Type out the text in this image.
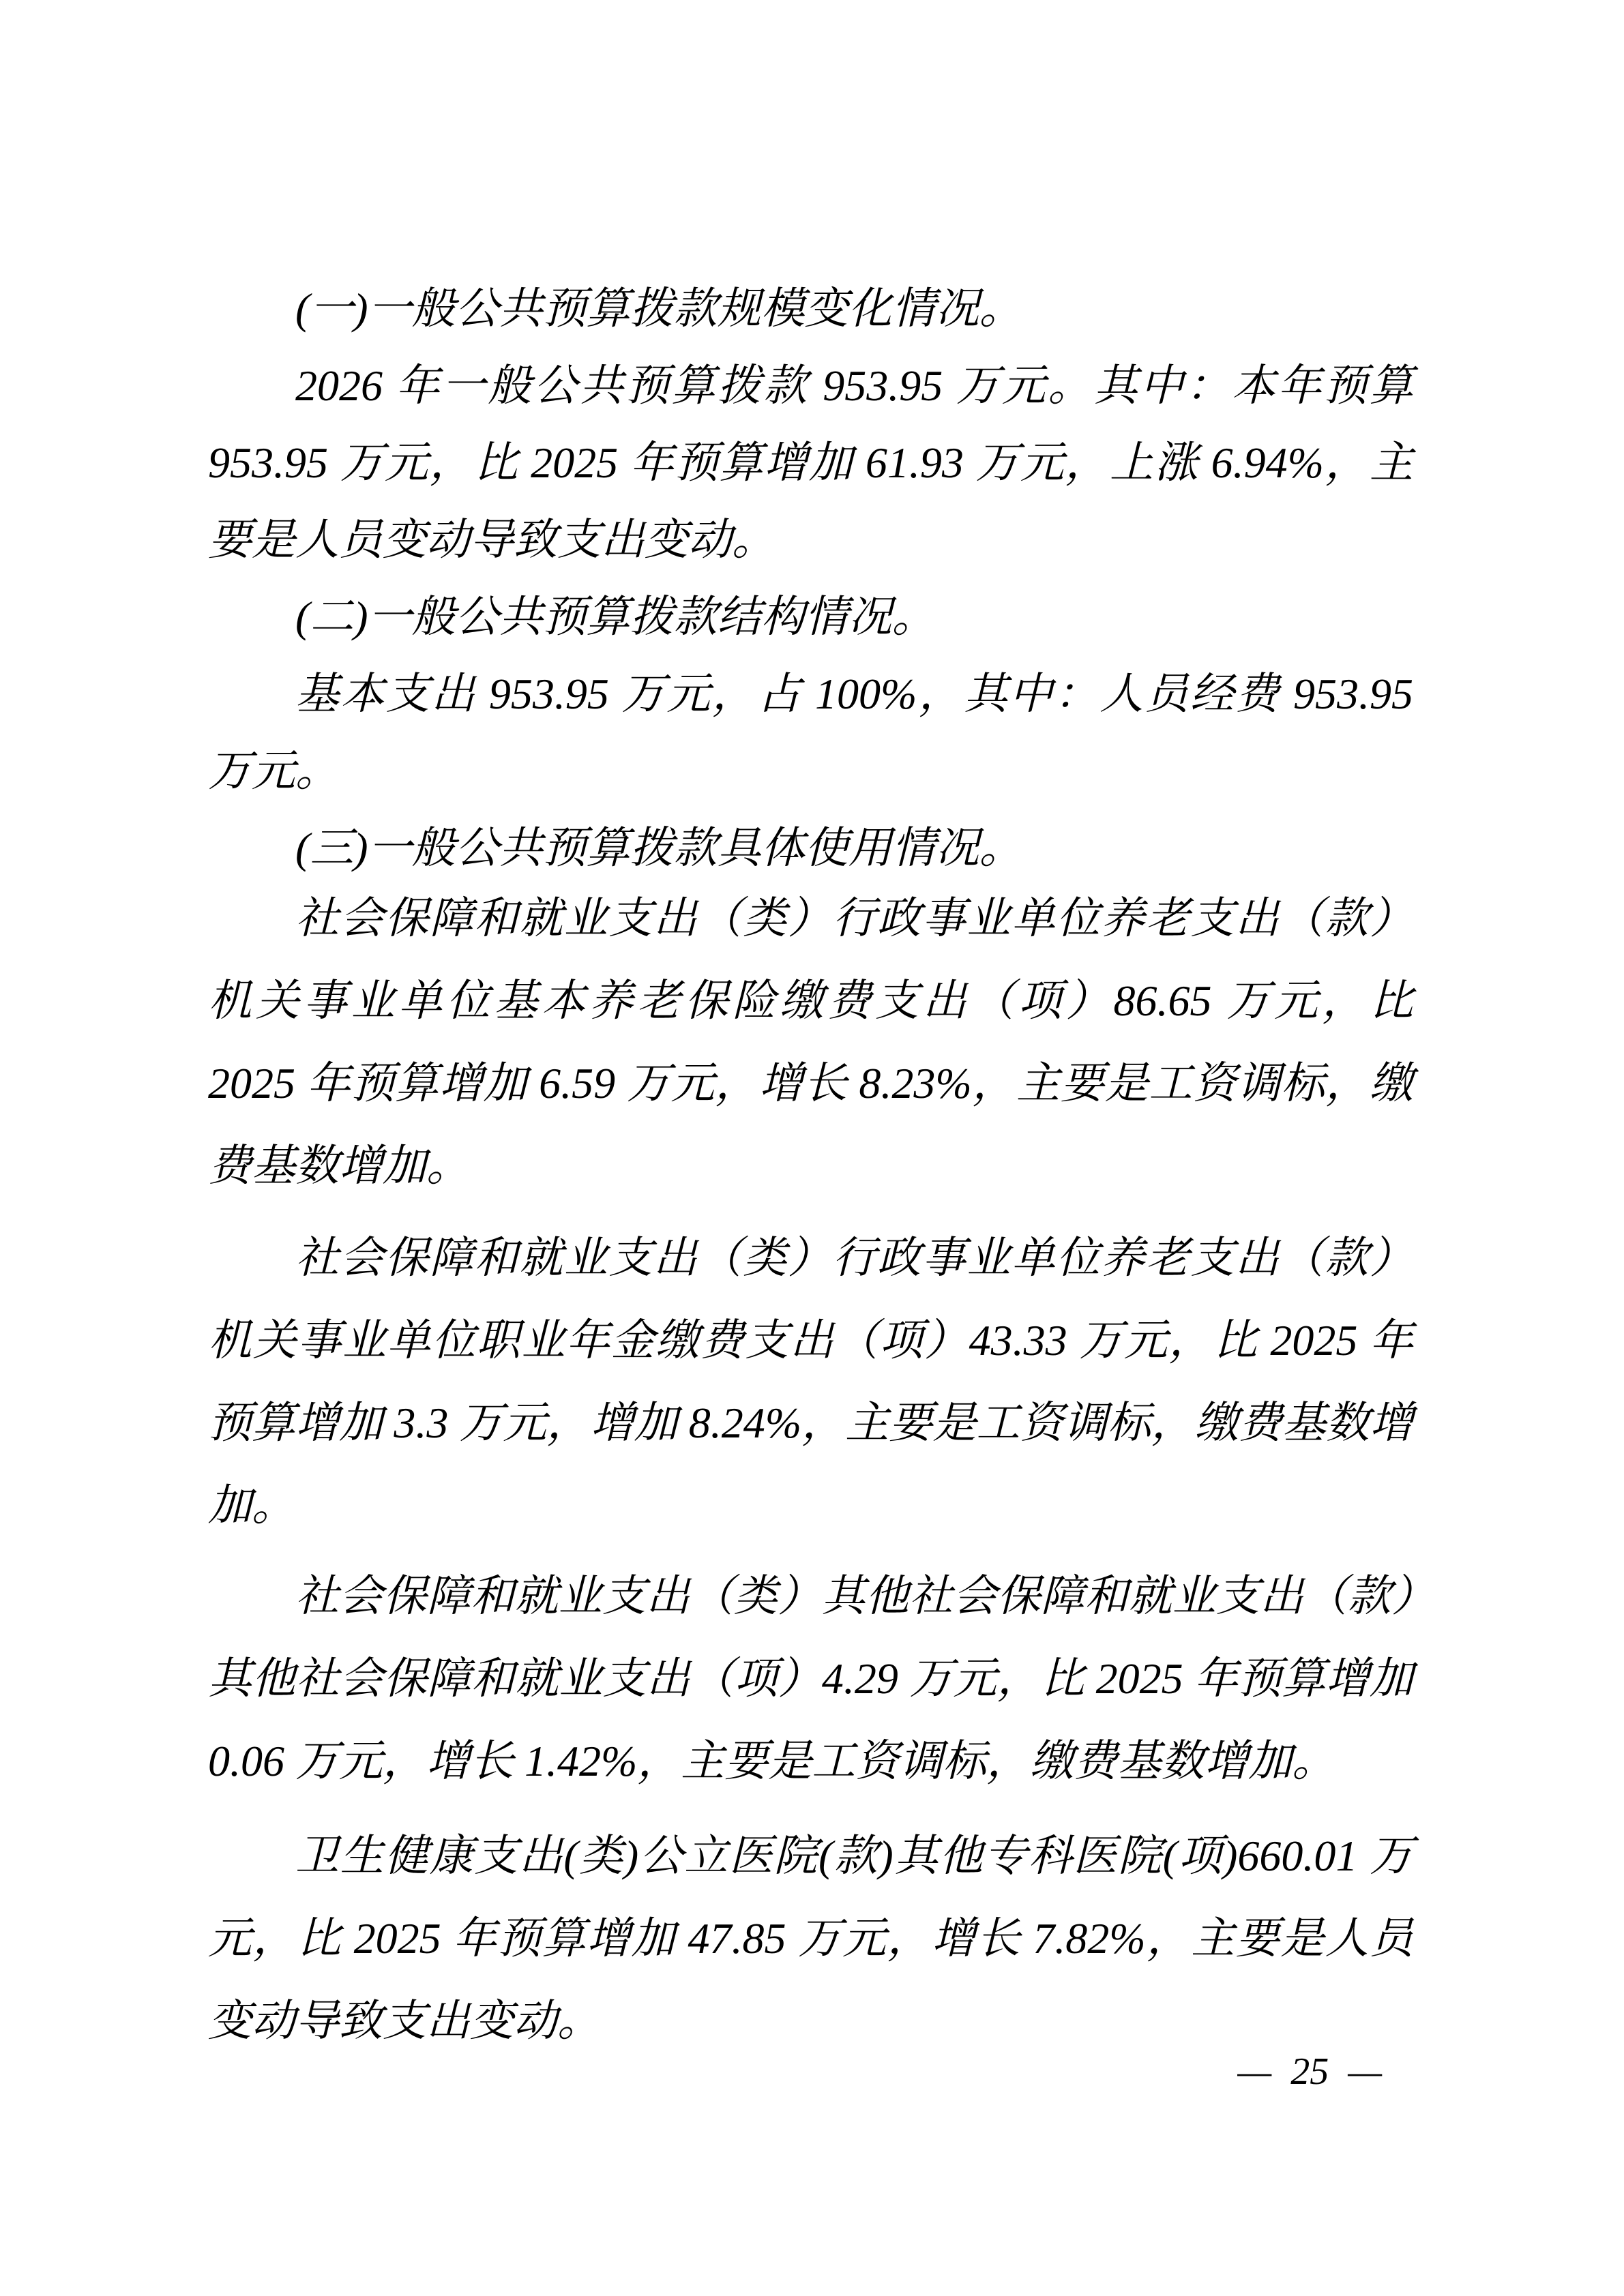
(一)一般公共预算拨款规模变化情况。

2026 年一般公共预算拨款 953.95 万元。其中：本年预算 953.95 万元，比 2025 年预算增加 61.93 万元，上涨 6.94%，主要是人员变动导致支出变动。

(二)一般公共预算拨款结构情况。

基本支出 953.95 万元，占 100%，其中：人员经费 953.95 万元。

(三)一般公共预算拨款具体使用情况。

社会保障和就业支出（类）行政事业单位养老支出（款）机关事业单位基本养老保险缴费支出（项）86.65 万元，比 2025 年预算增加 6.59 万元，增长 8.23%，主要是工资调标，缴费基数增加。

社会保障和就业支出（类）行政事业单位养老支出（款）机关事业单位职业年金缴费支出（项）43.33 万元，比 2025 年预算增加 3.3 万元，增加 8.24%，主要是工资调标，缴费基数增加。

社会保障和就业支出（类）其他社会保障和就业支出（款）其他社会保障和就业支出（项）4.29 万元，比 2025 年预算增加 0.06 万元，增长 1.42%，主要是工资调标，缴费基数增加。

卫生健康支出(类)公立医院(款)其他专科医院(项)660.01 万元，比 2025 年预算增加 47.85 万元，增长 7.82%，主要是人员变动导致支出变动。

— 25 —
